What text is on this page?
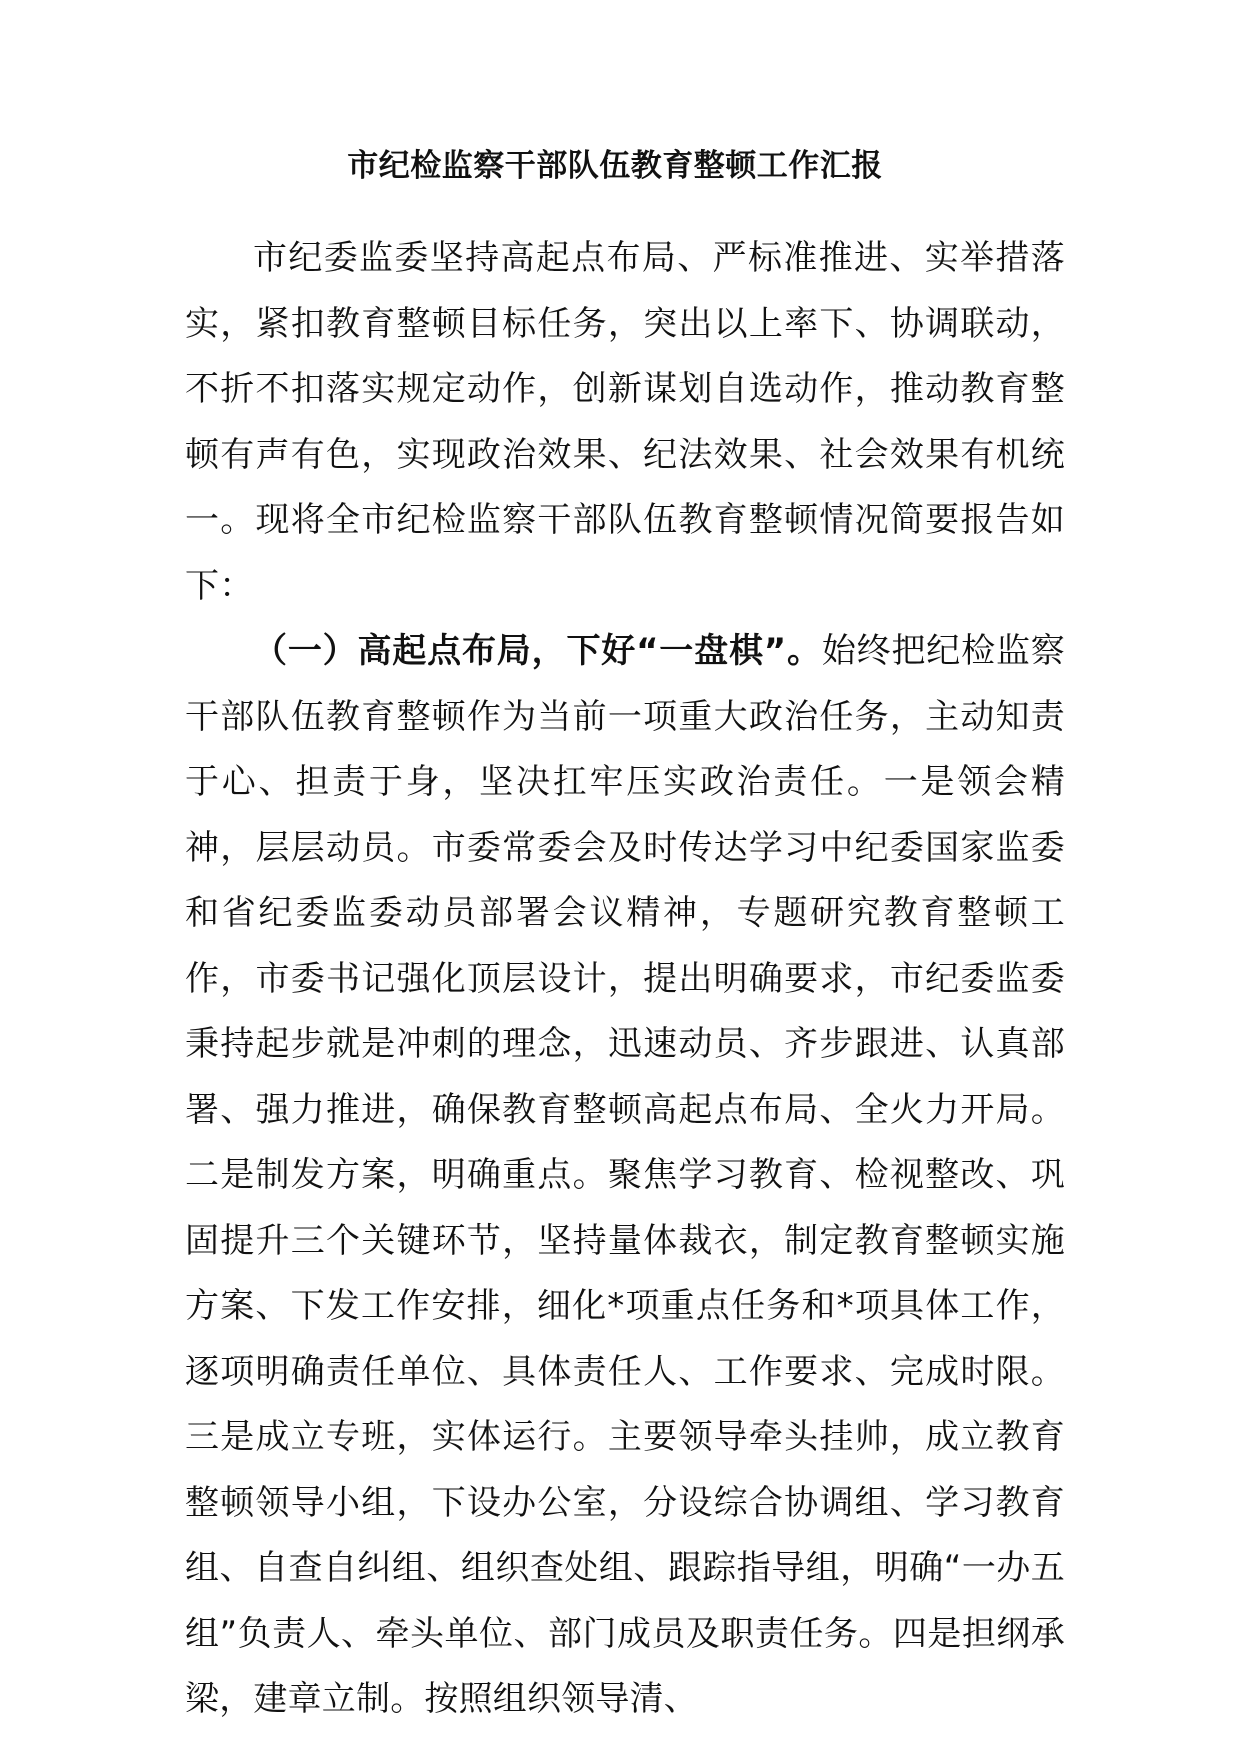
市纪检监察干部队伍教育整顿工作汇报

市纪委监委坚持高起点布局、严标准推进、实举措落实，紧扣教育整顿目标任务，突出以上率下、协调联动，不折不扣落实规定动作，创新谋划自选动作，推动教育整顿有声有色，实现政治效果、纪法效果、社会效果有机统一。现将全市纪检监察干部队伍教育整顿情况简要报告如下：

（一）高起点布局，下好“一盘棋”。始终把纪检监察干部队伍教育整顿作为当前一项重大政治任务，主动知责于心、担责于身，坚决扛牢压实政治责任。一是领会精神，层层动员。市委常委会及时传达学习中纪委国家监委和省纪委监委动员部署会议精神，专题研究教育整顿工作，市委书记强化顶层设计，提出明确要求，市纪委监委秉持起步就是冲刺的理念，迅速动员、齐步跟进、认真部署、强力推进，确保教育整顿高起点布局、全火力开局。二是制发方案，明确重点。聚焦学习教育、检视整改、巩固提升三个关键环节，坚持量体裁衣，制定教育整顿实施方案、下发工作安排，细化*项重点任务和*项具体工作，逐项明确责任单位、具体责任人、工作要求、完成时限。三是成立专班，实体运行。主要领导牵头挂帅，成立教育整顿领导小组，下设办公室，分设综合协调组、学习教育组、自查自纠组、组织查处组、跟踪指导组，明确“一办五组”负责人、牵头单位、部门成员及职责任务。四是担纲承梁，建章立制。按照组织领导清、
